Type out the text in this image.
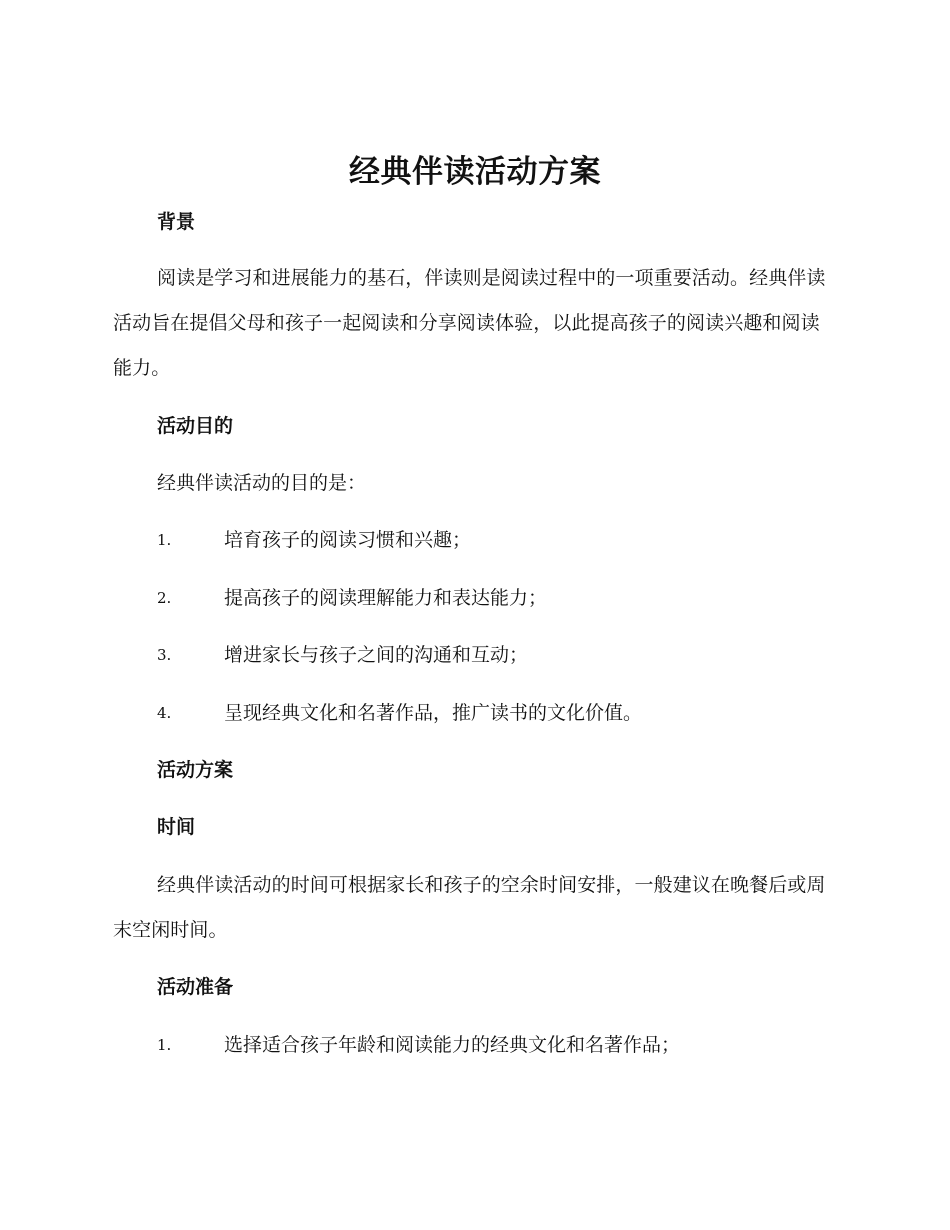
经典伴读活动方案
背景
阅读是学习和进展能力的基石，伴读则是阅读过程中的一项重要活动。经典伴读活动旨在提倡父母和孩子一起阅读和分享阅读体验，以此提高孩子的阅读兴趣和阅读能力。
活动目的
经典伴读活动的目的是：
1.	培育孩子的阅读习惯和兴趣；
2.	提高孩子的阅读理解能力和表达能力；
3.	增进家长与孩子之间的沟通和互动；
4.	呈现经典文化和名著作品，推广读书的文化价值。
活动方案
时间
经典伴读活动的时间可根据家长和孩子的空余时间安排，一般建议在晚餐后或周末空闲时间。
活动准备
1.	选择适合孩子年龄和阅读能力的经典文化和名著作品；
